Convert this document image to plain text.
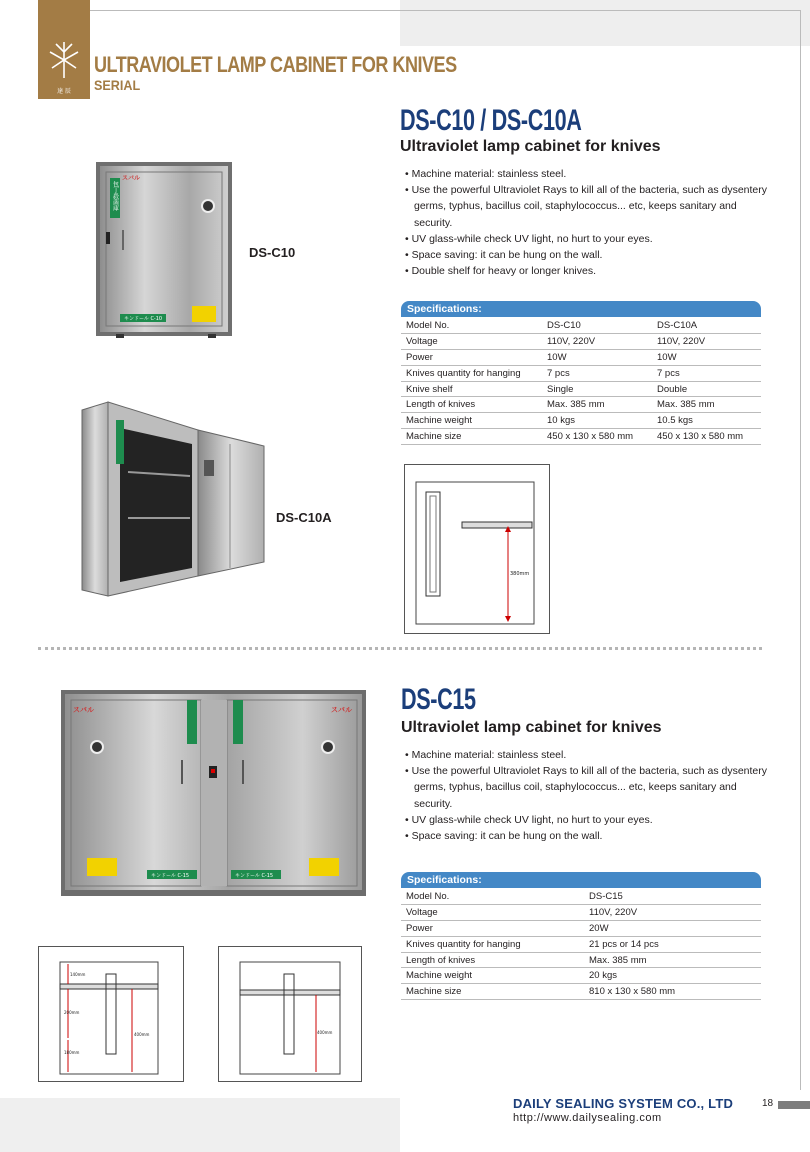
達 辰
ULTRAVIOLET LAMP CABINET FOR KNIVES
SERIAL
DS-C10 / DS-C10A
Ultraviolet lamp cabinet for knives
• Machine material: stainless steel.
• Use the powerful Ultraviolet Rays to kill all of the bacteria, such as dysentery germs, typhus, bacillus coil, staphylococcus... etc, keeps sanitary and security.
• UV glass-while check UV light, no hurt to your eyes.
• Space saving: it can be hung on the wall.
• Double shelf for heavy or longer knives.
包丁殺菌庫
スバル
キンドール C-10
DS-C10
DS-C10A
Specifications:
Model No.	DS-C10	DS-C10A
Voltage	110V, 220V	110V, 220V
Power	10W	10W
Knives quantity for hanging	7 pcs	7 pcs
Knive shelf	Single	Double
Length of knives	Max. 385 mm	Max. 385 mm
Machine weight	10 kgs	10.5 kgs
Machine size	450 x 130 x 580 mm	450 x 130 x 580 mm
380mm
DS-C15
Ultraviolet lamp cabinet for knives
• Machine material: stainless steel.
• Use the powerful Ultraviolet Rays to kill all of the bacteria, such as dysentery germs, typhus, bacillus coil, staphylococcus... etc, keeps sanitary and security.
• UV glass-while check UV light, no hurt to your eyes.
• Space saving: it can be hung on the wall.
スバル	スバル
キンドール C-15	キンドール C-15	Specifications:
Model No.	DS-C15
Voltage	110V, 220V
Power	20W
Knives quantity for hanging	21 pcs or 14 pcs
Length of knives	Max. 385 mm
Machine weight	20 kgs
Machine size	810 x 130 x 580 mm
140mm
200mm
180mm
400mm	400mm
DAILY SEALING SYSTEM CO., LTD
http://www.dailysealing.com
18
